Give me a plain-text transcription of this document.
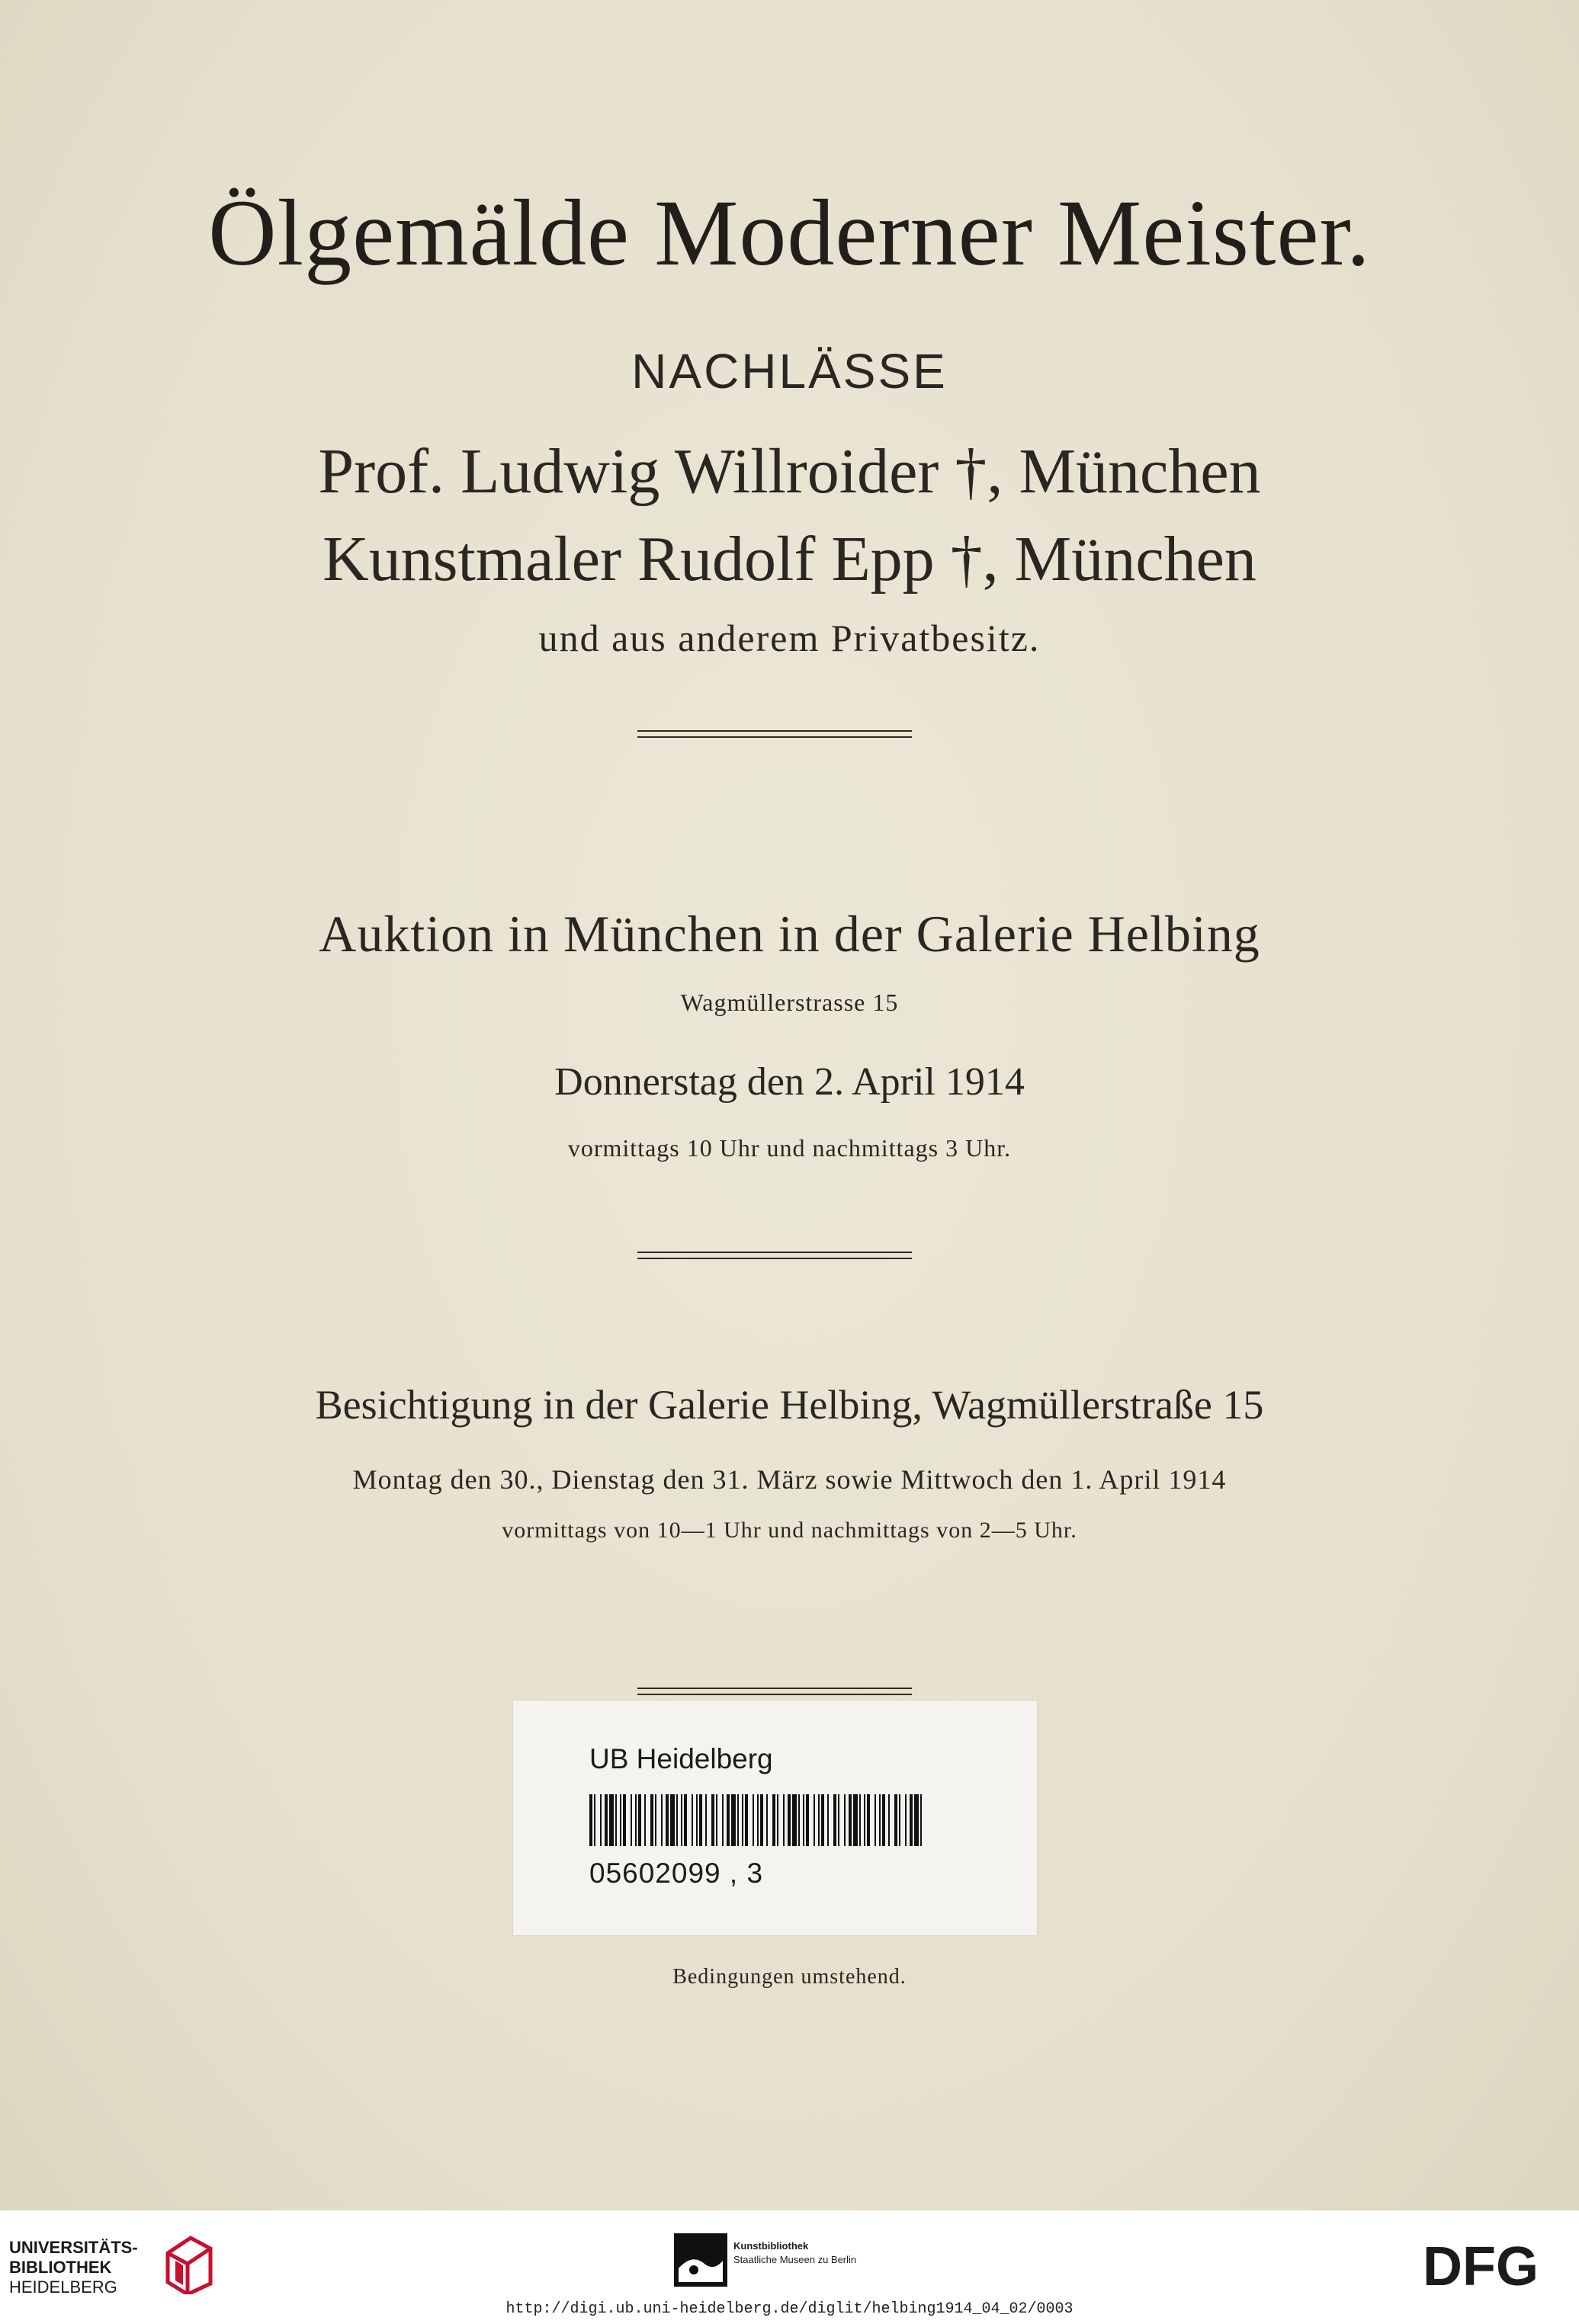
Ölgemälde Moderner Meister.
NACHLÄSSE
Prof. Ludwig Willroider †, München
Kunstmaler Rudolf Epp †, München
und aus anderem Privatbesitz.
Auktion in München in der Galerie Helbing
Wagmüllerstrasse 15
Donnerstag den 2. April 1914
vormittags 10 Uhr und nachmittags 3 Uhr.
Besichtigung in der Galerie Helbing, Wagmüllerstraße 15
Montag den 30., Dienstag den 31. März sowie Mittwoch den 1. April 1914
vormittags von 10—1 Uhr und nachmittags von 2—5 Uhr.
UB Heidelberg
05602099 , 3
Bedingungen umstehend.
UNIVERSITÄTS-
BIBLIOTHEK
HEIDELBERG
Kunstbibliothek
Staatliche Museen zu Berlin	DFG
http://digi.ub.uni-heidelberg.de/diglit/helbing1914_04_02/0003
